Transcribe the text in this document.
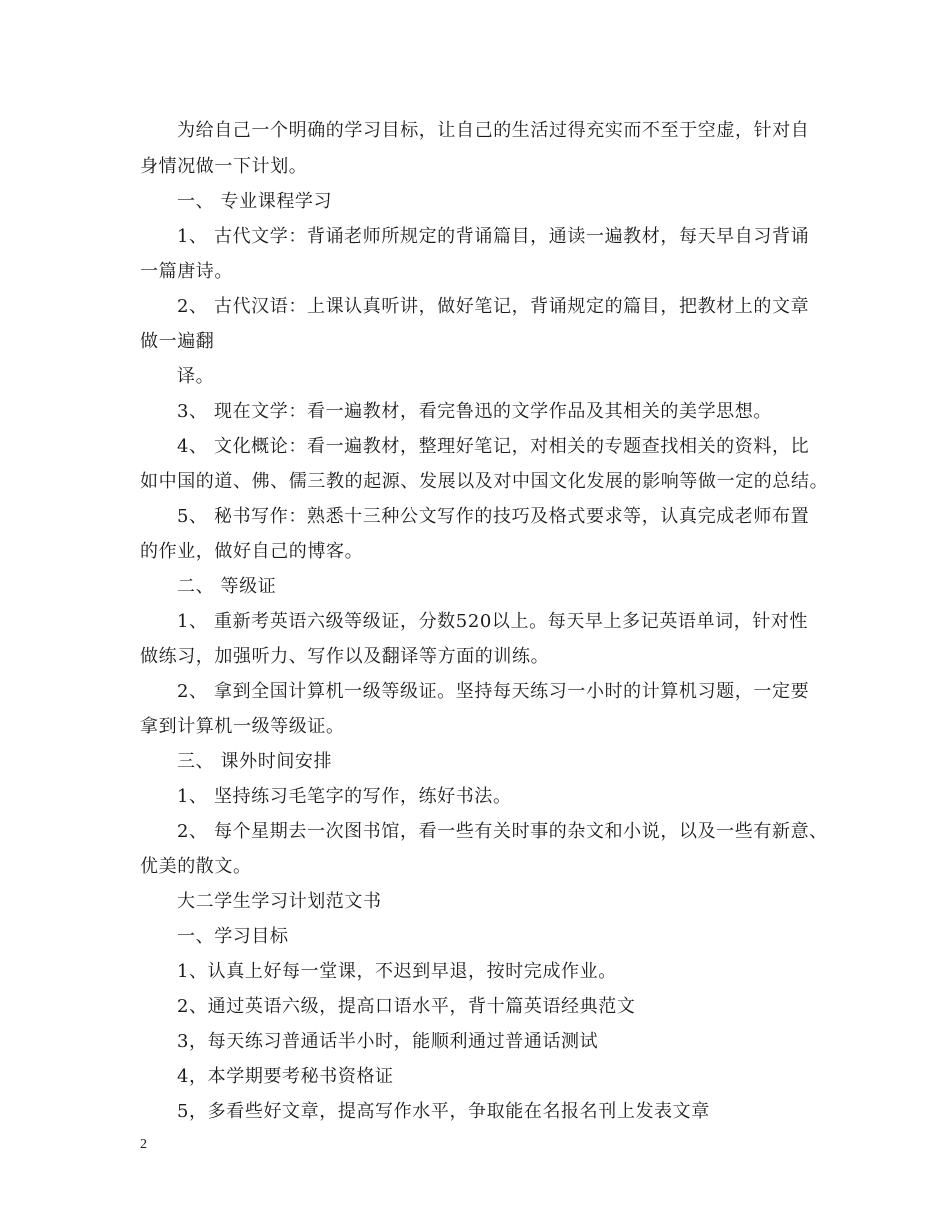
为给自己一个明确的学习目标，让自己的生活过得充实而不至于空虚，针对自
身情况做一下计划。
一、 专业课程学习
1、 古代文学：背诵老师所规定的背诵篇目，通读一遍教材，每天早自习背诵
一篇唐诗。
2、 古代汉语：上课认真听讲，做好笔记，背诵规定的篇目，把教材上的文章
做一遍翻
译。
3、 现在文学：看一遍教材，看完鲁迅的文学作品及其相关的美学思想。
4、 文化概论：看一遍教材，整理好笔记，对相关的专题查找相关的资料，比
如中国的道、佛、儒三教的起源、发展以及对中国文化发展的影响等做一定的总结。
5、 秘书写作：熟悉十三种公文写作的技巧及格式要求等，认真完成老师布置
的作业，做好自己的博客。
二、 等级证
1、 重新考英语六级等级证，分数520以上。每天早上多记英语单词，针对性
做练习，加强听力、写作以及翻译等方面的训练。
2、 拿到全国计算机一级等级证。坚持每天练习一小时的计算机习题，一定要
拿到计算机一级等级证。
三、 课外时间安排
1、 坚持练习毛笔字的写作，练好书法。
2、 每个星期去一次图书馆，看一些有关时事的杂文和小说，以及一些有新意、
优美的散文。
大二学生学习计划范文书
一、学习目标
1、认真上好每一堂课，不迟到早退，按时完成作业。
2、通过英语六级，提高口语水平，背十篇英语经典范文
3，每天练习普通话半小时，能顺利通过普通话测试
4，本学期要考秘书资格证
5，多看些好文章，提高写作水平，争取能在名报名刊上发表文章
2
